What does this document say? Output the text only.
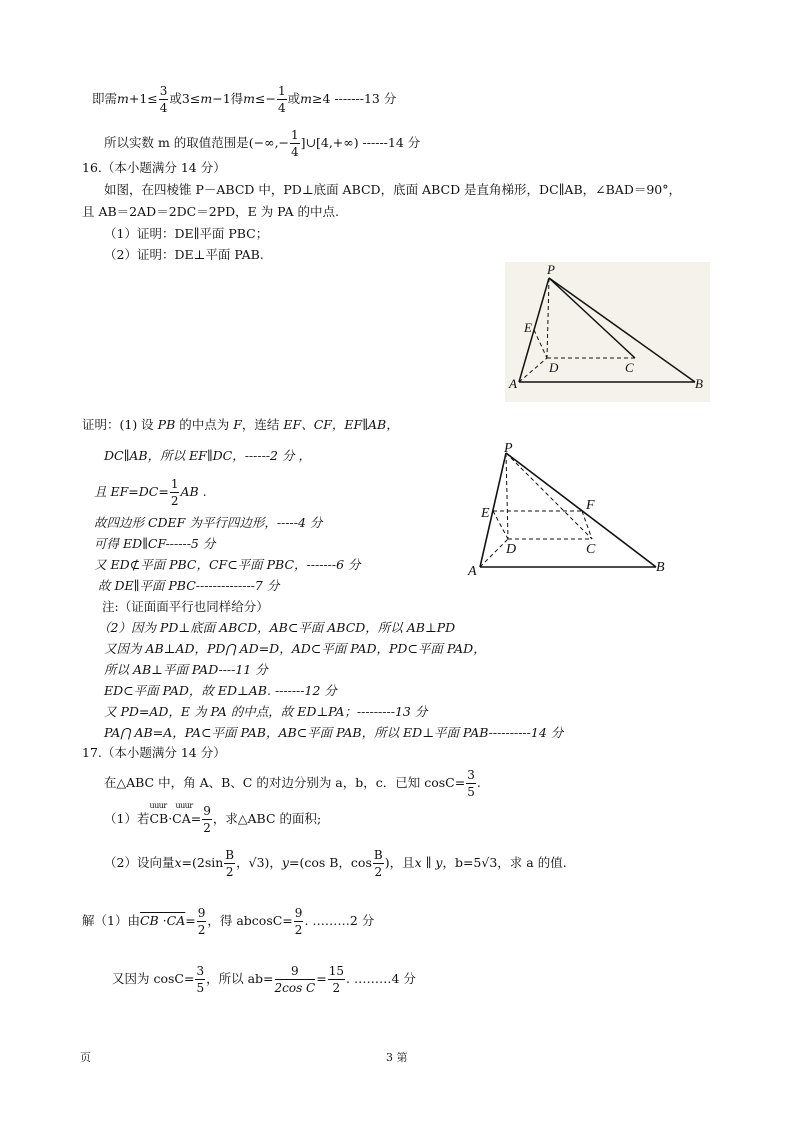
即需$m+1\le \frac{3}{4}$ 或3≤m−1得$m\le- \frac{1}{4}$ 或m≥4 -------13 分
所以实数 m 的取值范围是(−∞,− $\frac{1}{4}$ ]∪[4,+∞) ------14 分
16.（本小题满分 14 分）
如图，在四棱锥 P－ABCD 中，PD⊥底面 ABCD，底面 ABCD 是直角梯形，DC∥AB，∠BAD＝90°，
且 AB＝2AD＝2DC＝2PD，E 为 PA 的中点.
（1）证明：DE∥平面 PBC；
（2）证明：DE⊥平面 PAB.
P
E
D	C
A	B
证明：(1) 设 PB 的中点为 F，连结 EF、CF，EF∥AB，
DC∥AB，所以 EF∥DC，------2 分 ，
且 $EF=DC= \frac{1}{2}$ AB .
故四边形 CDEF 为平行四边形，-----4 分
可得 ED∥CF------5 分
又 ED⊄平面 PBC，CF⊂平面 PBC，-------6 分
故 DE∥平面 PBC--------------7 分
注:（证面面平行也同样给分）
（2）因为 PD⊥底面 ABCD，AB⊂平面 ABCD，所以 AB⊥PD
又因为 AB⊥AD，PD⋂ AD=D，AD⊂平面 PAD，PD⊂平面 PAD，
所以 AB⊥平面 PAD----11 分
ED⊂平面 PAD，故 ED⊥AB. -------12 分
又 PD=AD，E 为 PA 的中点，故 ED⊥PA；---------13 分
PA⋂ AB=A，PA⊂平面 PAB，AB⊂平面 PAB，所以 ED⊥平面 PAB----------14 分
P
E
F
D	C
A	B
17.（本小题满分 14 分）
在△ABC 中，角 A、B、C 的对边分别为 a，b，c．已知 $\cos C= \frac{3}{5}$ .
（1）若
uuur uuur
$CB\cdot CA= \frac{9}{2}$ ，求△ABC 的面积;
（2）设向量$x=(2\sin \frac{B}{2}$ ，√3)，y=(cos B，$\cos \frac{B}{2}$ )，且x ∥ y，b=5√3，求 a 的值.
解（1）由CB $\cdot CA= \frac{9}{2}$ ，得 $abcosC= \frac{9}{2}$ . ………2 分
又因为 $\cos C= \frac{3}{5}$ ，所以 $ab= \frac{9}{\text{2cos C}} = \frac{15}{2}$ . ………4 分
页	3 第
